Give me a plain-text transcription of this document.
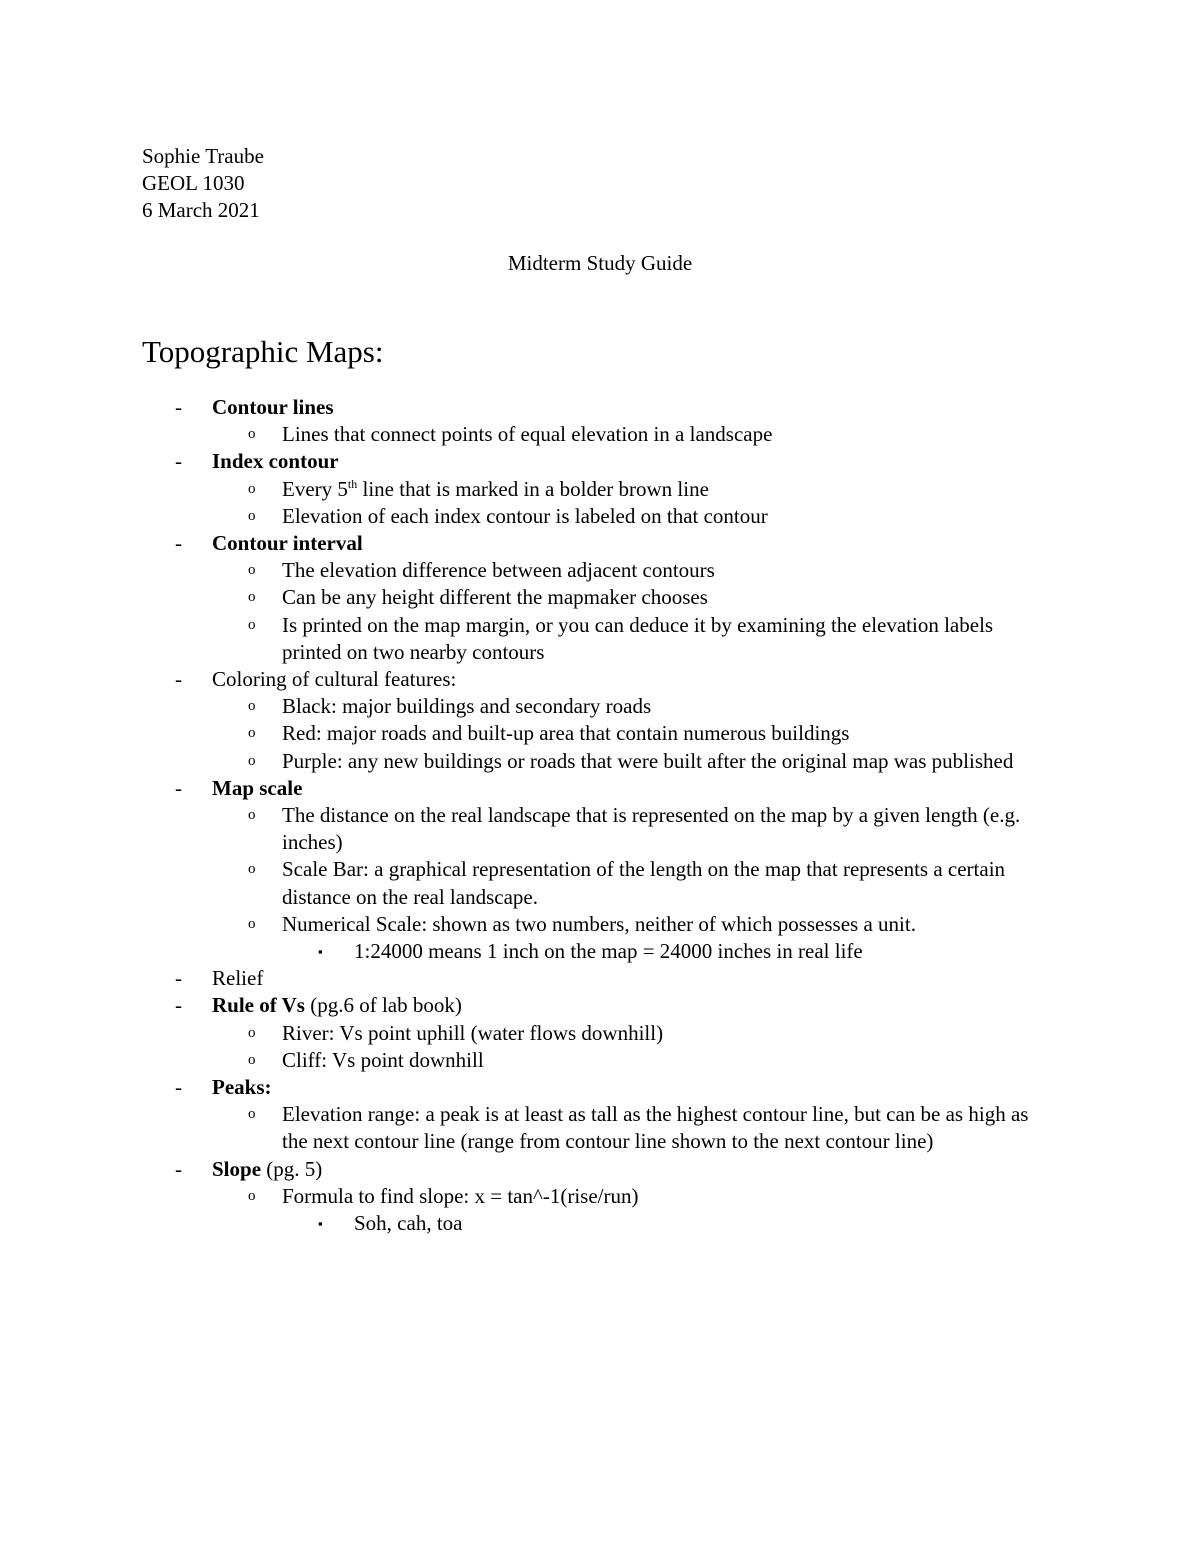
Sophie Traube
GEOL 1030
6 March 2021
Midterm Study Guide
Topographic Maps:
- Contour lines
o Lines that connect points of equal elevation in a landscape
- Index contour
o Every 5th line that is marked in a bolder brown line
o Elevation of each index contour is labeled on that contour
- Contour interval
o The elevation difference between adjacent contours
o Can be any height different the mapmaker chooses
o Is printed on the map margin, or you can deduce it by examining the elevation labels printed on two nearby contours
- Coloring of cultural features:
o Black: major buildings and secondary roads
o Red: major roads and built-up area that contain numerous buildings
o Purple: any new buildings or roads that were built after the original map was published
- Map scale
o The distance on the real landscape that is represented on the map by a given length (e.g. inches)
o Scale Bar: a graphical representation of the length on the map that represents a certain distance on the real landscape.
o Numerical Scale: shown as two numbers, neither of which possesses a unit.
▪ 1:24000 means 1 inch on the map = 24000 inches in real life
- Relief
- Rule of Vs (pg.6 of lab book)
o River: Vs point uphill (water flows downhill)
o Cliff: Vs point downhill
- Peaks:
o Elevation range: a peak is at least as tall as the highest contour line, but can be as high as the next contour line (range from contour line shown to the next contour line)
- Slope (pg. 5)
o Formula to find slope: x = tan^-1(rise/run)
▪ Soh, cah, toa
